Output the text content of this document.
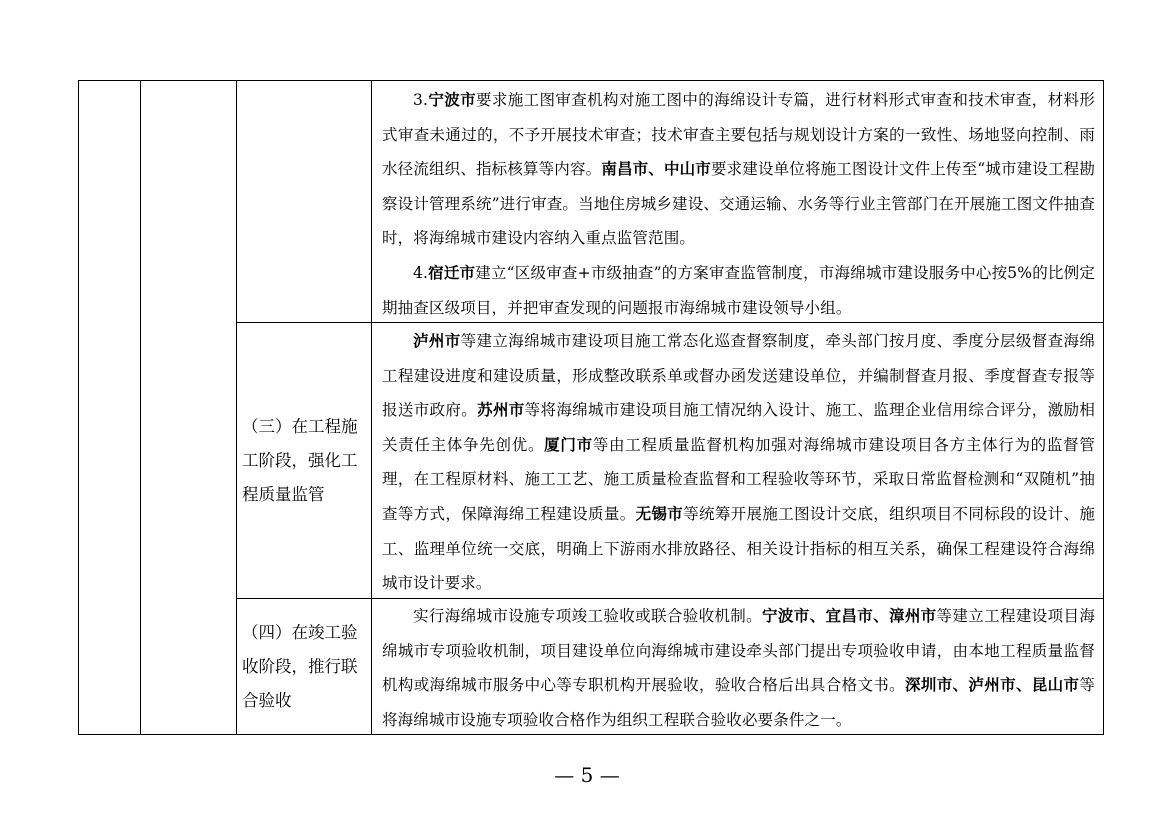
3.宁波市要求施工图审查机构对施工图中的海绵设计专篇，进行材料形式审查和技术审查，材料形式审查未通过的，不予开展技术审查；技术审查主要包括与规划设计方案的一致性、场地竖向控制、雨水径流组织、指标核算等内容。南昌市、中山市要求建设单位将施工图设计文件上传至“城市建设工程勘察设计管理系统”进行审查。当地住房城乡建设、交通运输、水务等行业主管部门在开展施工图文件抽查时，将海绵城市建设内容纳入重点监管范围。

4.宿迁市建立“区级审查+市级抽查”的方案审查监管制度，市海绵城市建设服务中心按5%的比例定期抽查区级项目，并把审查发现的问题报市海绵城市建设领导小组。

（三）在工程施工阶段，强化工程质量监管

泸州市等建立海绵城市建设项目施工常态化巡查督察制度，牵头部门按月度、季度分层级督查海绵工程建设进度和建设质量，形成整改联系单或督办函发送建设单位，并编制督查月报、季度督查专报等报送市政府。苏州市等将海绵城市建设项目施工情况纳入设计、施工、监理企业信用综合评分，激励相关责任主体争先创优。厦门市等由工程质量监督机构加强对海绵城市建设项目各方主体行为的监督管理，在工程原材料、施工工艺、施工质量检查监督和工程验收等环节，采取日常监督检测和“双随机”抽查等方式，保障海绵工程建设质量。无锡市等统筹开展施工图设计交底，组织项目不同标段的设计、施工、监理单位统一交底，明确上下游雨水排放路径、相关设计指标的相互关系，确保工程建设符合海绵城市设计要求。

（四）在竣工验收阶段，推行联合验收

实行海绵城市设施专项竣工验收或联合验收机制。宁波市、宜昌市、漳州市等建立工程建设项目海绵城市专项验收机制，项目建设单位向海绵城市建设牵头部门提出专项验收申请，由本地工程质量监督机构或海绵城市服务中心等专职机构开展验收，验收合格后出具合格文书。深圳市、泸州市、昆山市等将海绵城市设施专项验收合格作为组织工程联合验收必要条件之一。

— 5 —
